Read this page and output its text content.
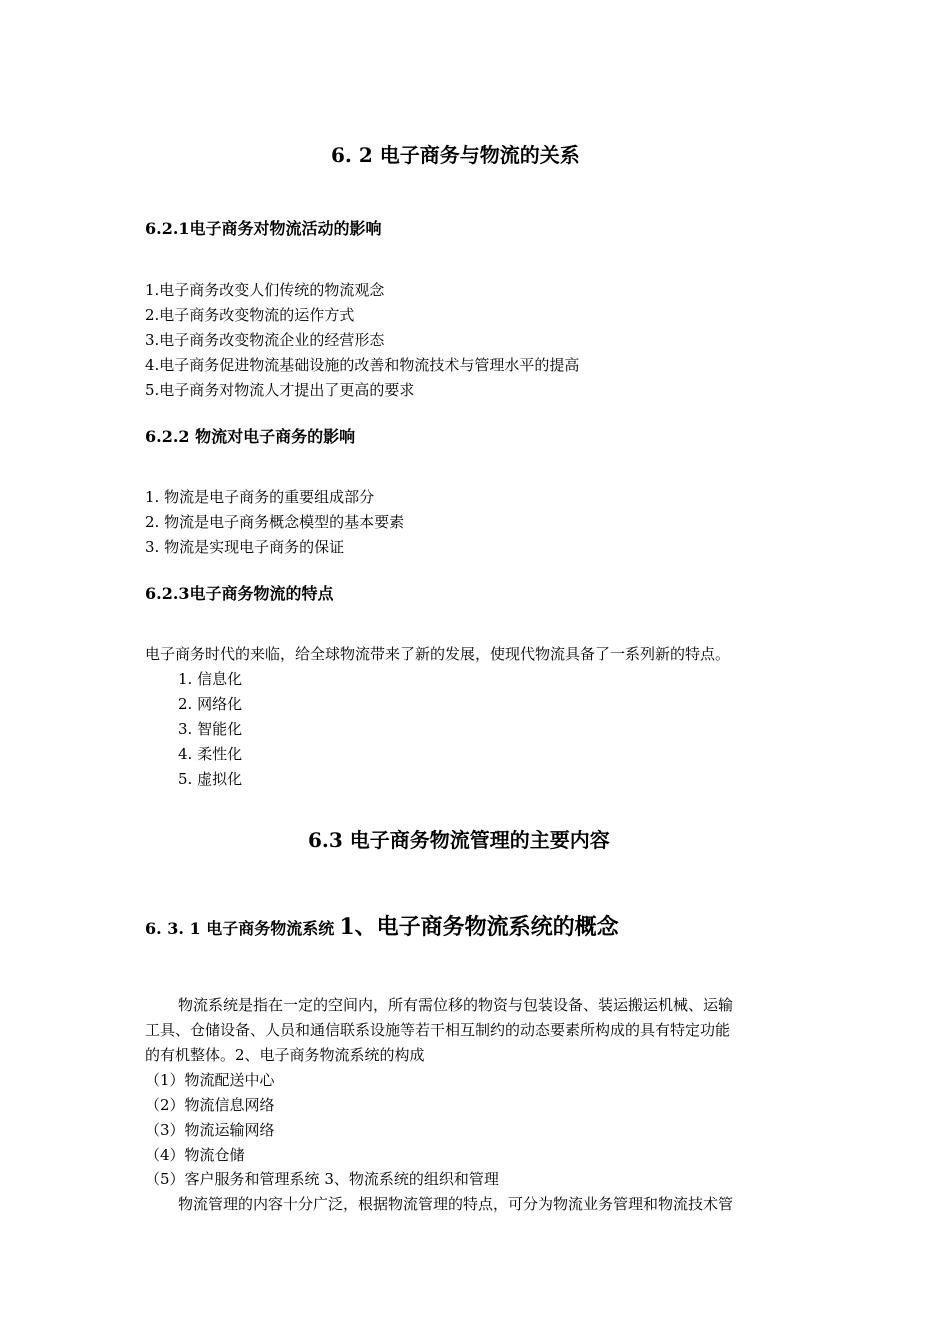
6. 2 电子商务与物流的关系
6.2.1电子商务对物流活动的影响
1.电子商务改变人们传统的物流观念
2.电子商务改变物流的运作方式
3.电子商务改变物流企业的经营形态
4.电子商务促进物流基础设施的改善和物流技术与管理水平的提高
5.电子商务对物流人才提出了更高的要求
6.2.2 物流对电子商务的影响
1. 物流是电子商务的重要组成部分
2. 物流是电子商务概念模型的基本要素
3. 物流是实现电子商务的保证
6.2.3电子商务物流的特点
电子商务时代的来临，给全球物流带来了新的发展，使现代物流具备了一系列新的特点。
1. 信息化
2. 网络化
3. 智能化
4. 柔性化
5. 虚拟化
6.3 电子商务物流管理的主要内容
6. 3. 1 电子商务物流系统 1、电子商务物流系统的概念
物流系统是指在一定的空间内，所有需位移的物资与包装设备、装运搬运机械、运输
工具、仓储设备、人员和通信联系设施等若干相互制约的动态要素所构成的具有特定功能
的有机整体。2、电子商务物流系统的构成
（1）物流配送中心
（2）物流信息网络
（3）物流运输网络
（4）物流仓储
（5）客户服务和管理系统 3、物流系统的组织和管理
物流管理的内容十分广泛，根据物流管理的特点，可分为物流业务管理和物流技术管
